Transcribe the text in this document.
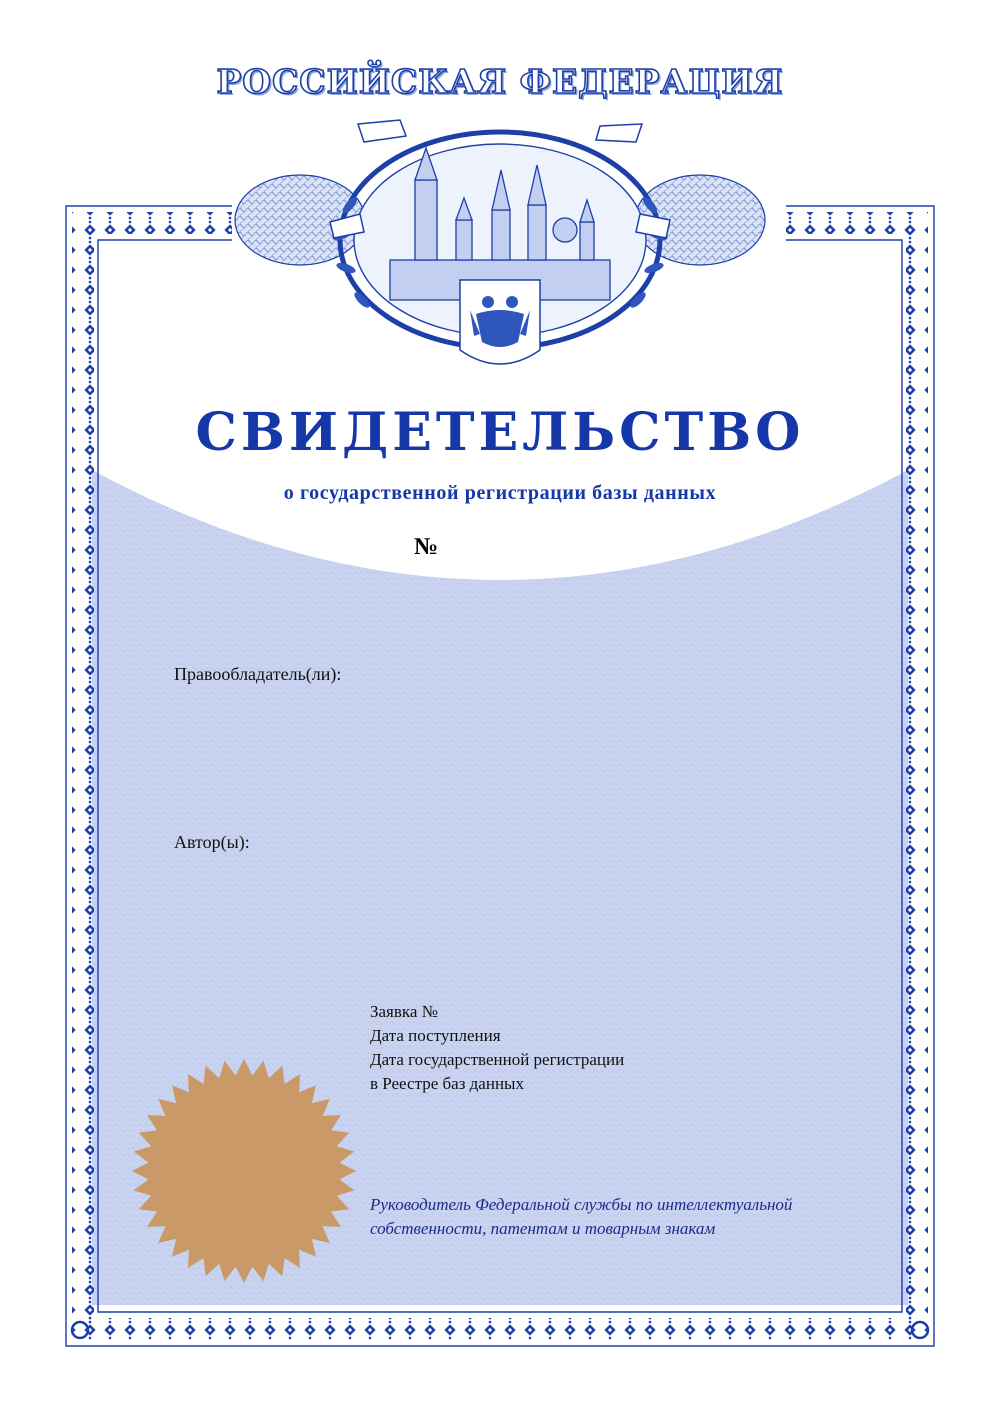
РОССИЙСКАЯ ФЕДЕРАЦИЯ
СВИДЕТЕЛЬСТВО
о государственной регистрации базы данных
№
Правообладатель(ли):
Автор(ы):
Заявка №
Дата поступления
Дата государственной регистрации
в Реестре баз данных
Руководитель Федеральной службы по интеллектуальной
собственности, патентам и товарным знакам
